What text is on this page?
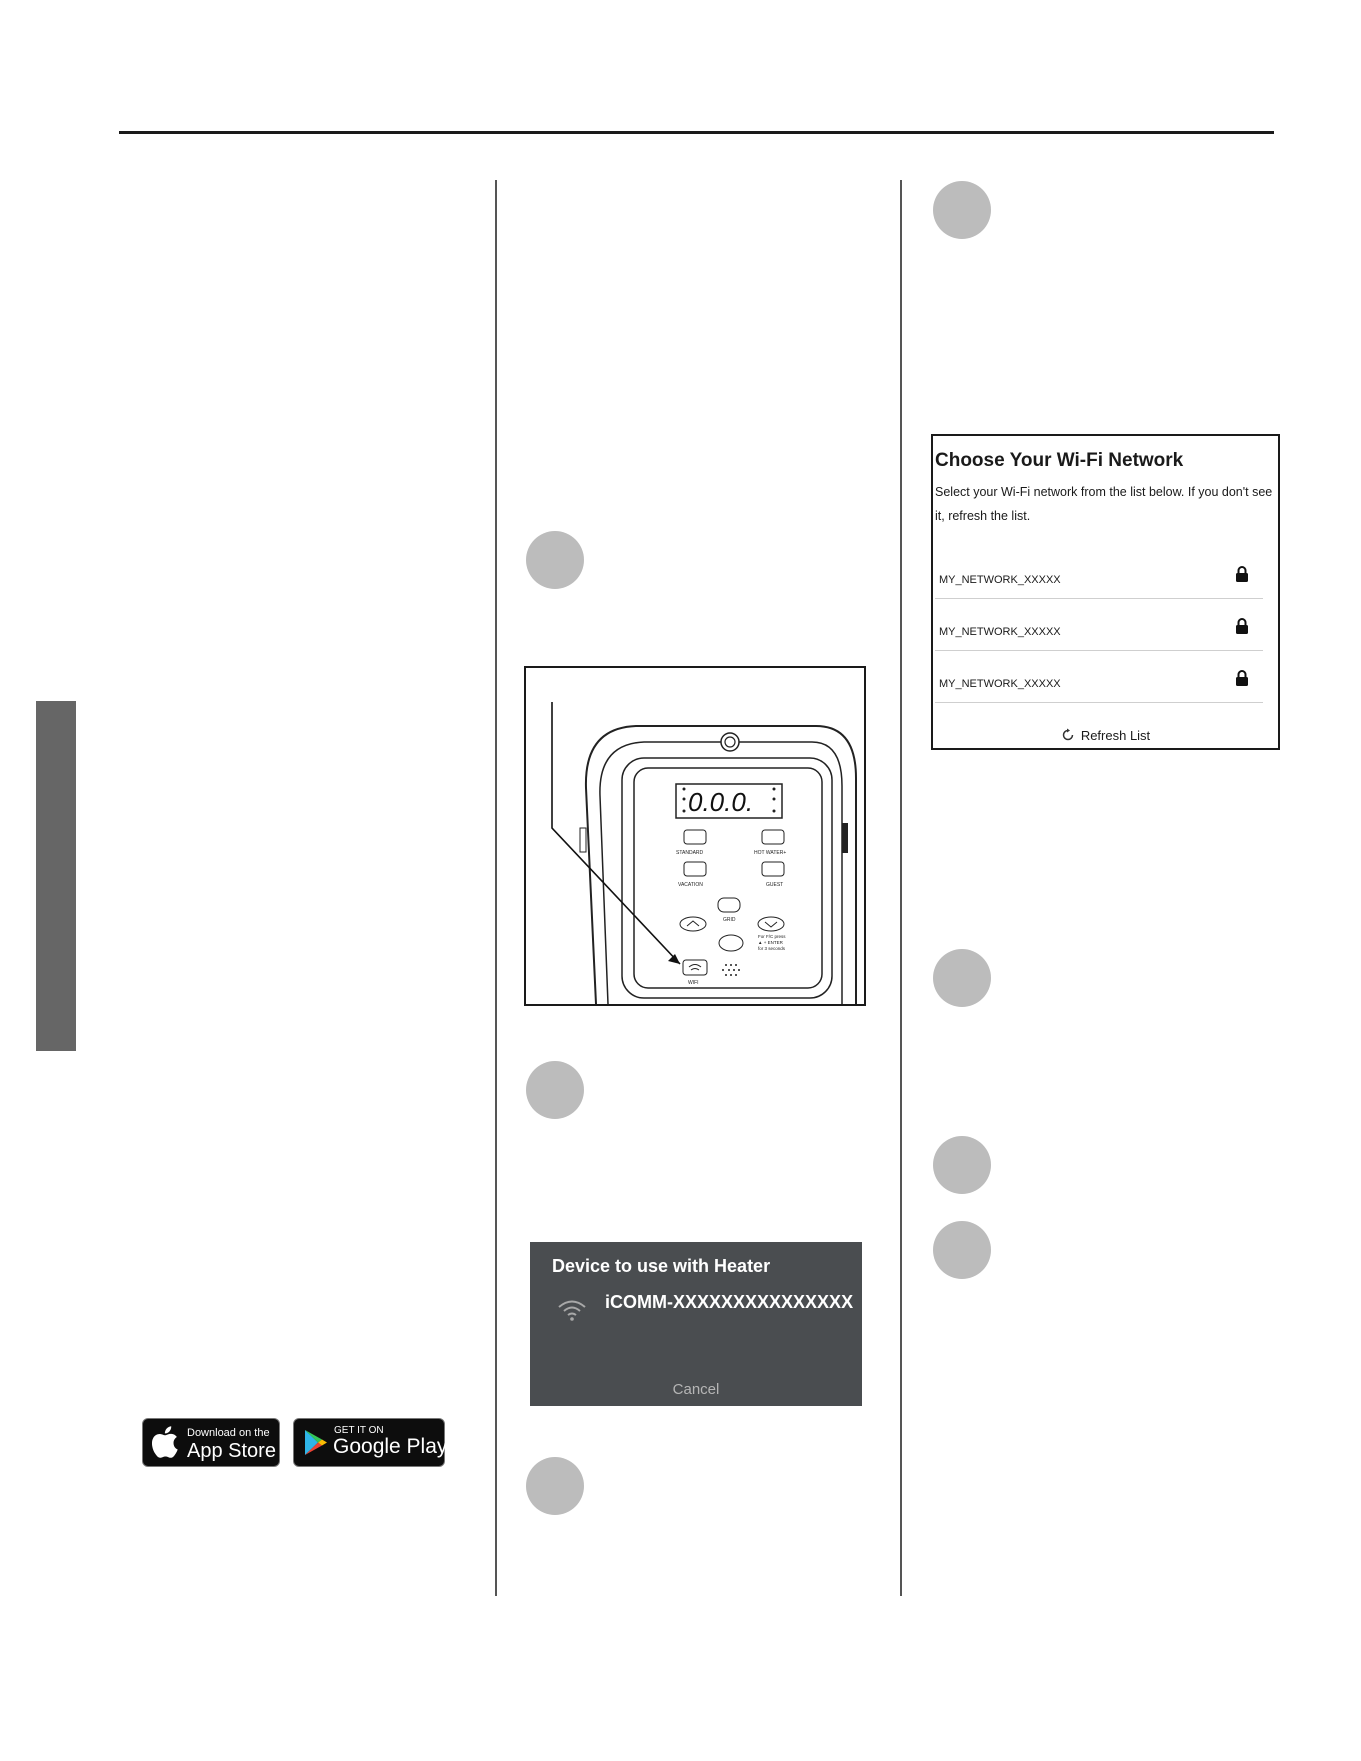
Download on the
App Store
GET IT ON
Google Play
0.0.0.
STANDARD	HOT WATER+
VACATION	GUEST
GRID
For F/C press
▲ + ENTER
for 3 seconds
WIFI
Device to use with Heater
iCOMM-XXXXXXXXXXXXXXX
Cancel
Choose Your Wi-Fi Network
Select your Wi-Fi network from the list below. If you don't see it, refresh the list.
MY_NETWORK_XXXXX
MY_NETWORK_XXXXX
MY_NETWORK_XXXXX
Refresh List
